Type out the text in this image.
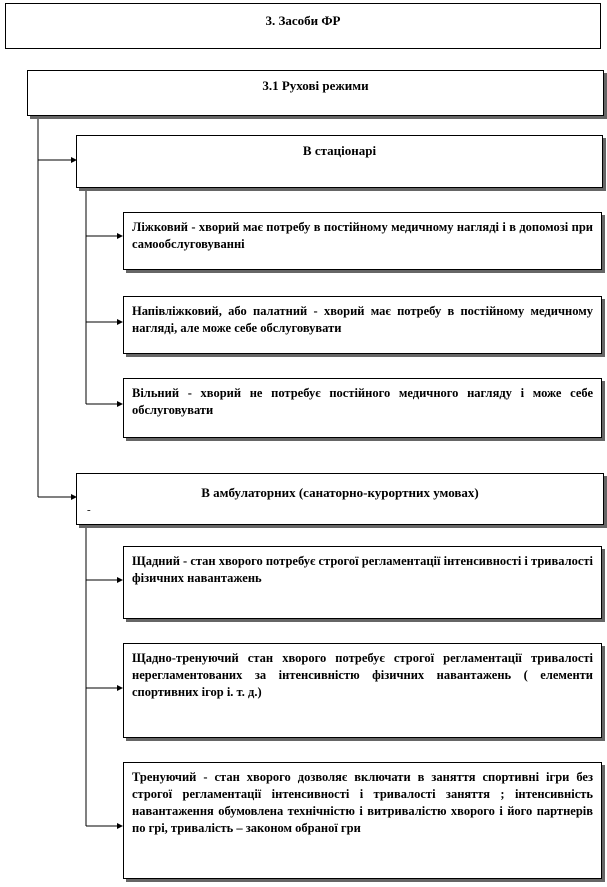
3. Засоби ФР
3.1 Рухові режими
В стаціонарі
Ліжковий - хворий має потребу в постійному медичному нагляді і в допомозі при самообслуговуванні
Напівліжковий, або палатний - хворий має потребу в постійному медичному нагляді, але може себе обслуговувати
Вільний - хворий не потребує постійного медичного нагляду і може себе обслуговувати
В амбулаторних (санаторно-курортних умовах)
-
Щадний - стан хворого потребує строгої регламентації інтенсивності і тривалості фізичних навантажень
Щадно-тренуючий стан хворого потребує строгої регламентації тривалості нерегламентованих за інтенсивністю фізичних навантажень ( елементи спортивних ігор і. т. д.)
Тренуючий - стан хворого дозволяє включати в заняття спортивні ігри без строгої регламентації інтенсивності і тривалості заняття ; інтенсивність навантаження обумовлена технічністю і витривалістю хворого і його партнерів по грі, тривалість – законом обраної гри
